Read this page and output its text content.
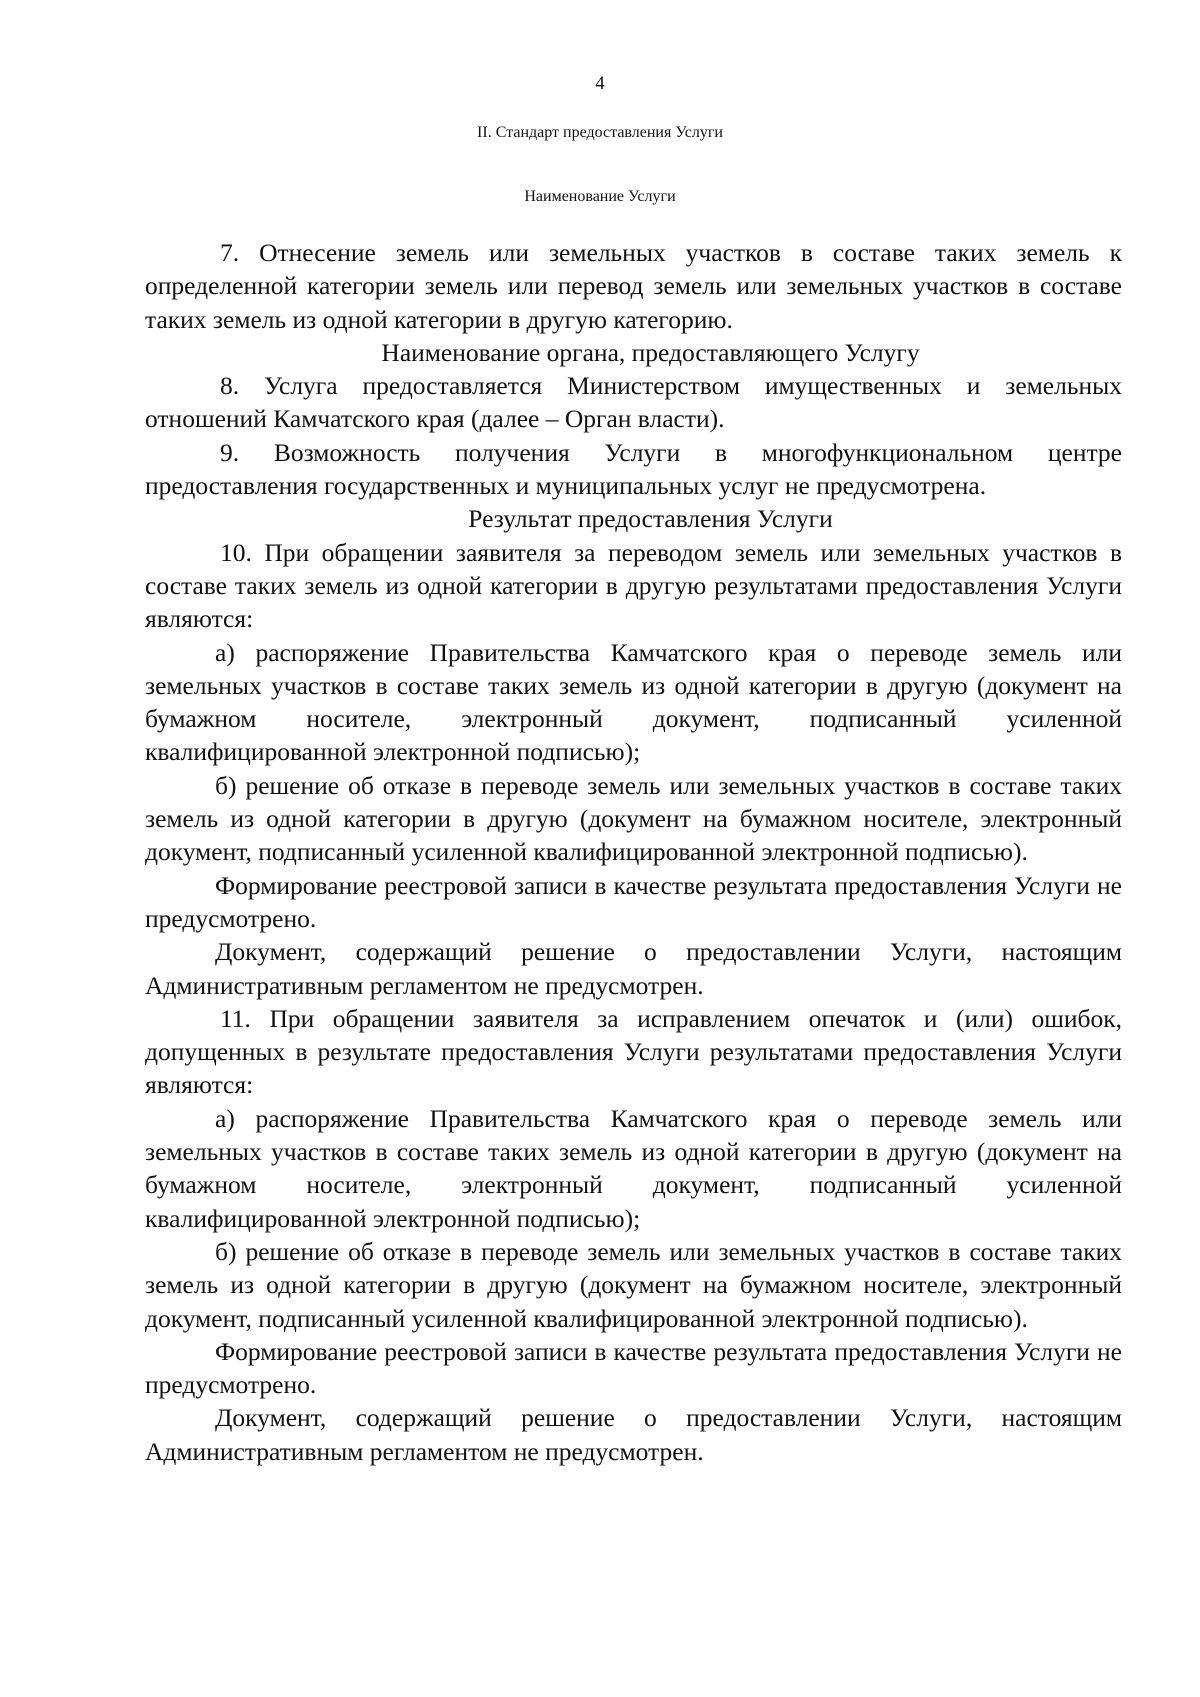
4
II. Стандарт предоставления Услуги
Наименование Услуги

7. Отнесение земель или земельных участков в составе таких земель к определенной категории земель или перевод земель или земельных участков в составе таких земель из одной категории в другую категорию.

Наименование органа, предоставляющего Услугу

8. Услуга предоставляется Министерством имущественных и земельных отношений Камчатского края (далее – Орган власти).

9. Возможность получения Услуги в многофункциональном центре предоставления государственных и муниципальных услуг не предусмотрена.

Результат предоставления Услуги

10. При обращении заявителя за переводом земель или земельных участков в составе таких земель из одной категории в другую результатами предоставления Услуги являются:

а) распоряжение Правительства Камчатского края о переводе земель или земельных участков в составе таких земель из одной категории в другую (документ на бумажном носителе, электронный документ, подписанный усиленной квалифицированной электронной подписью);

б) решение об отказе в переводе земель или земельных участков в составе таких земель из одной категории в другую (документ на бумажном носителе, электронный документ, подписанный усиленной квалифицированной электронной подписью).

Формирование реестровой записи в качестве результата предоставления Услуги не предусмотрено.

Документ, содержащий решение о предоставлении Услуги, настоящим Административным регламентом не предусмотрен.

11. При обращении заявителя за исправлением опечаток и (или) ошибок, допущенных в результате предоставления Услуги результатами предоставления Услуги являются:

а) распоряжение Правительства Камчатского края о переводе земель или земельных участков в составе таких земель из одной категории в другую (документ на бумажном носителе, электронный документ, подписанный усиленной квалифицированной электронной подписью);

б) решение об отказе в переводе земель или земельных участков в составе таких земель из одной категории в другую (документ на бумажном носителе, электронный документ, подписанный усиленной квалифицированной электронной подписью).

Формирование реестровой записи в качестве результата предоставления Услуги не предусмотрено.

Документ, содержащий решение о предоставлении Услуги, настоящим Административным регламентом не предусмотрен.
